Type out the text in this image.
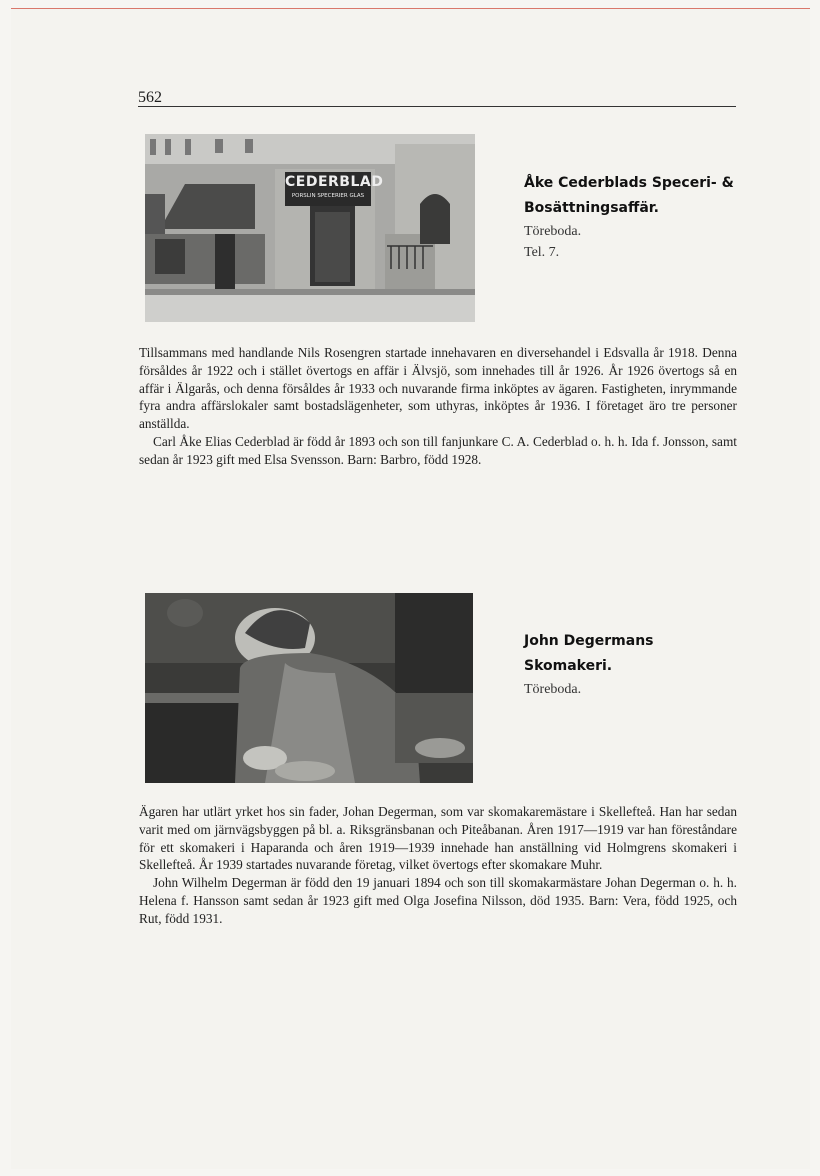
562
CEDERBLAD
PORSLIN SPECERIER GLAS
Åke Cederblads Speceri- & Bosättningsaffär.
Töreboda.
Tel. 7.

Tillsammans med handlande Nils Rosengren startade innehavaren en diversehandel i Edsvalla år 1918. Denna försåldes år 1922 och i stället övertogs en affär i Älvsjö, som innehades till år 1926. År 1926 övertogs så en affär i Älgarås, och denna försåldes år 1933 och nuvarande firma inköptes av ägaren. Fastigheten, inrymmande fyra andra affärslokaler samt bostadslägenheter, som uthyras, inköptes år 1936. I företaget äro tre personer anställda.

Carl Åke Elias Cederblad är född år 1893 och son till fanjunkare C. A. Cederblad o. h. h. Ida f. Jonsson, samt sedan år 1923 gift med Elsa Svensson. Barn: Barbro, född 1928.

John Degermans Skomakeri.
Töreboda.

Ägaren har utlärt yrket hos sin fader, Johan Degerman, som var skomakaremästare i Skellefteå. Han har sedan varit med om järnvägsbyggen på bl. a. Riksgränsbanan och Piteåbanan. Åren 1917—1919 var han föreståndare för ett skomakeri i Haparanda och åren 1919—1939 innehade han anställning vid Holmgrens skomakeri i Skellefteå. År 1939 startades nuvarande företag, vilket övertogs efter skomakare Muhr.

John Wilhelm Degerman är född den 19 januari 1894 och son till skomakarmästare Johan Degerman o. h. h. Helena f. Hansson samt sedan år 1923 gift med Olga Josefina Nilsson, död 1935. Barn: Vera, född 1925, och Rut, född 1931.
